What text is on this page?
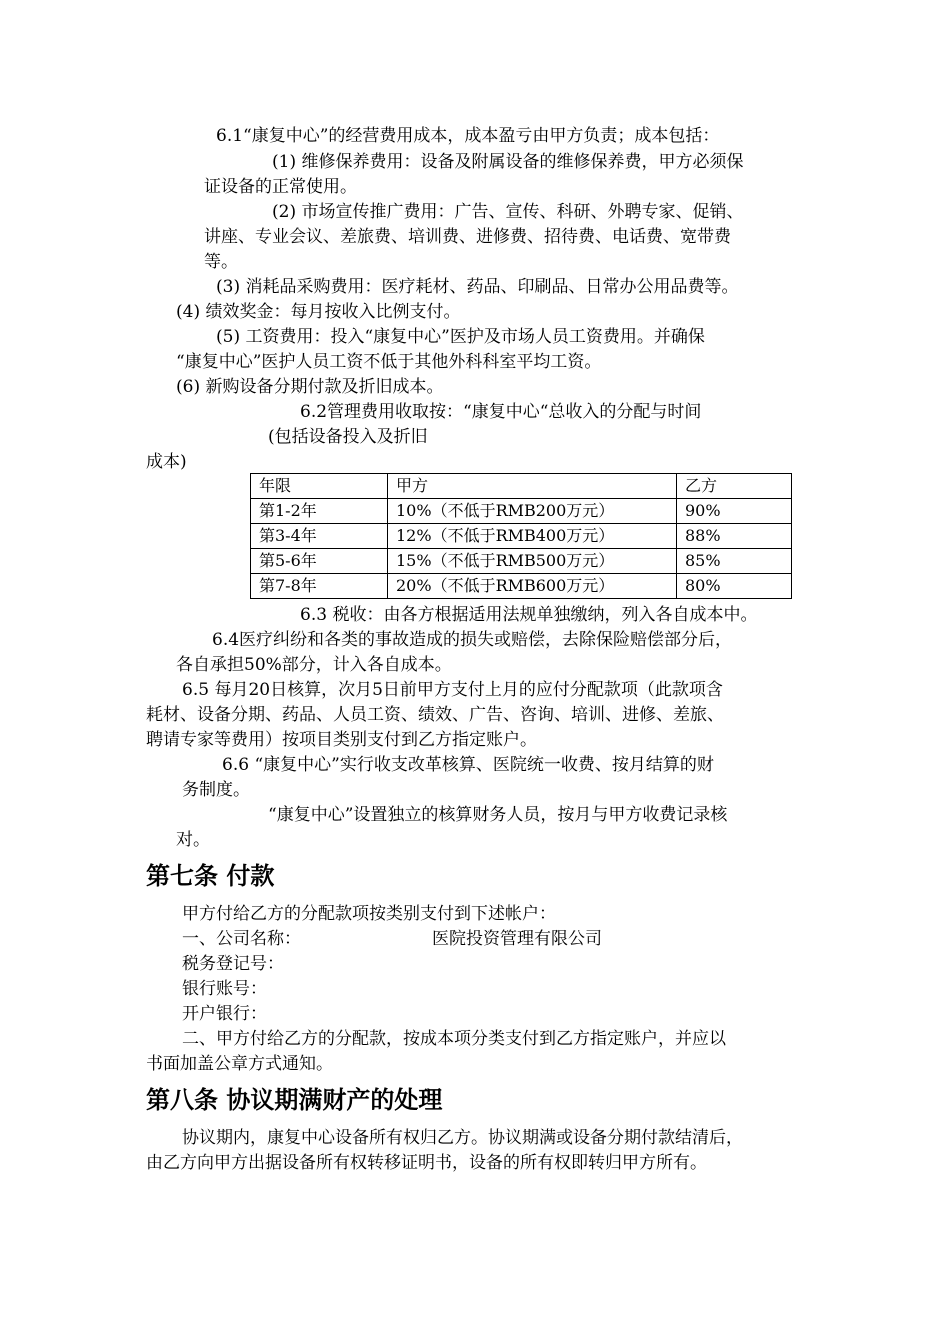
6.1“康复中心”的经营费用成本，成本盈亏由甲方负责；成本包括：
(1) 维修保养费用：设备及附属设备的维修保养费，甲方必须保
证设备的正常使用。
(2) 市场宣传推广费用：广告、宣传、科研、外聘专家、促销、
讲座、专业会议、差旅费、培训费、进修费、招待费、电话费、宽带费
等。
(3) 消耗品采购费用：医疗耗材、药品、印刷品、日常办公用品费等。
(4) 绩效奖金：每月按收入比例支付。
(5) 工资费用：投入“康复中心”医护及市场人员工资费用。并确保
“康复中心”医护人员工资不低于其他外科科室平均工资。
(6) 新购设备分期付款及折旧成本。
6.2管理费用收取按：“康复中心“总收入的分配与时间
(包括设备投入及折旧
成本)
年限	甲方	乙方
第1-2年	10%（不低于RMB200万元）	90%
第3-4年	12%（不低于RMB400万元）	88%
第5-6年	15%（不低于RMB500万元）	85%
第7-8年	20%（不低于RMB600万元）	80%
6.3 税收：由各方根据适用法规单独缴纳，列入各自成本中。
6.4医疗纠纷和各类的事故造成的损失或赔偿，去除保险赔偿部分后，
各自承担50%部分，计入各自成本。
6.5 每月20日核算，次月5日前甲方支付上月的应付分配款项（此款项含
耗材、设备分期、药品、人员工资、绩效、广告、咨询、培训、进修、差旅、
聘请专家等费用）按项目类别支付到乙方指定账户。
6.6 “康复中心”实行收支改革核算、医院统一收费、按月结算的财
务制度。
“康复中心”设置独立的核算财务人员，按月与甲方收费记录核
对。
第七条 付款
甲方付给乙方的分配款项按类别支付到下述帐户：
一、公司名称：	医院投资管理有限公司
税务登记号：
银行账号：
开户银行：
二、甲方付给乙方的分配款，按成本项分类支付到乙方指定账户，并应以
书面加盖公章方式通知。
第八条 协议期满财产的处理
协议期内，康复中心设备所有权归乙方。协议期满或设备分期付款结清后，
由乙方向甲方出据设备所有权转移证明书，设备的所有权即转归甲方所有。
